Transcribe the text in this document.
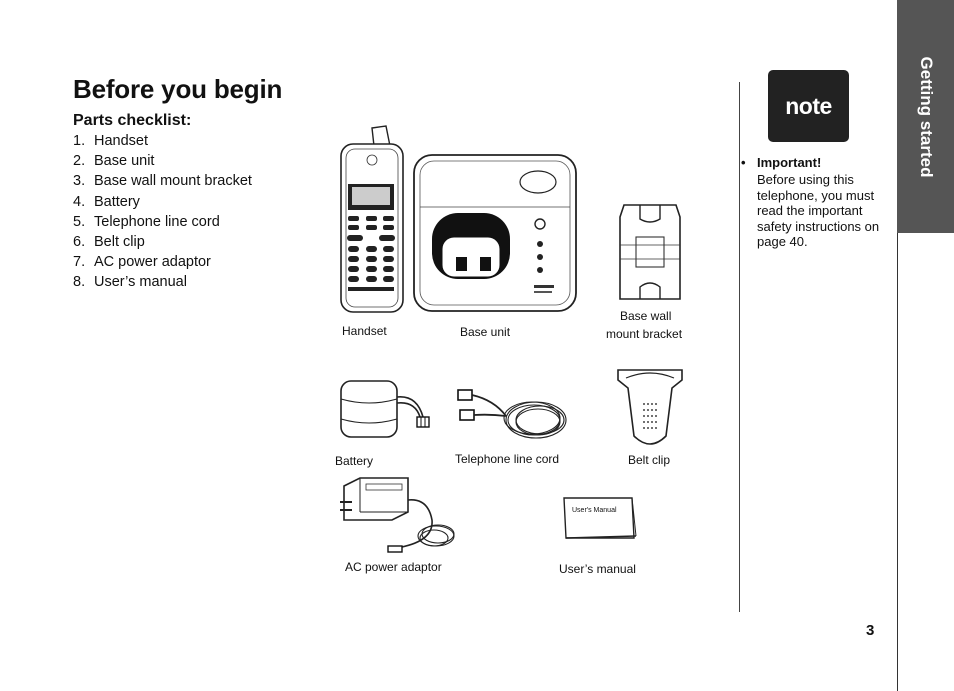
Before you begin
Parts checklist:
1. Handset
2. Base unit
3. Base wall mount bracket
4. Battery
5. Telephone line cord
6. Belt clip
7. AC power adaptor
8. User’s manual
User's Manual
Handset	Base unit
Base wall
mount bracket
Battery	Telephone line cord	Belt clip
AC power adaptor	User’s manual
Getting started
note
• Important!
Before using this telephone, you must read the important safety instructions on page 40.
3
